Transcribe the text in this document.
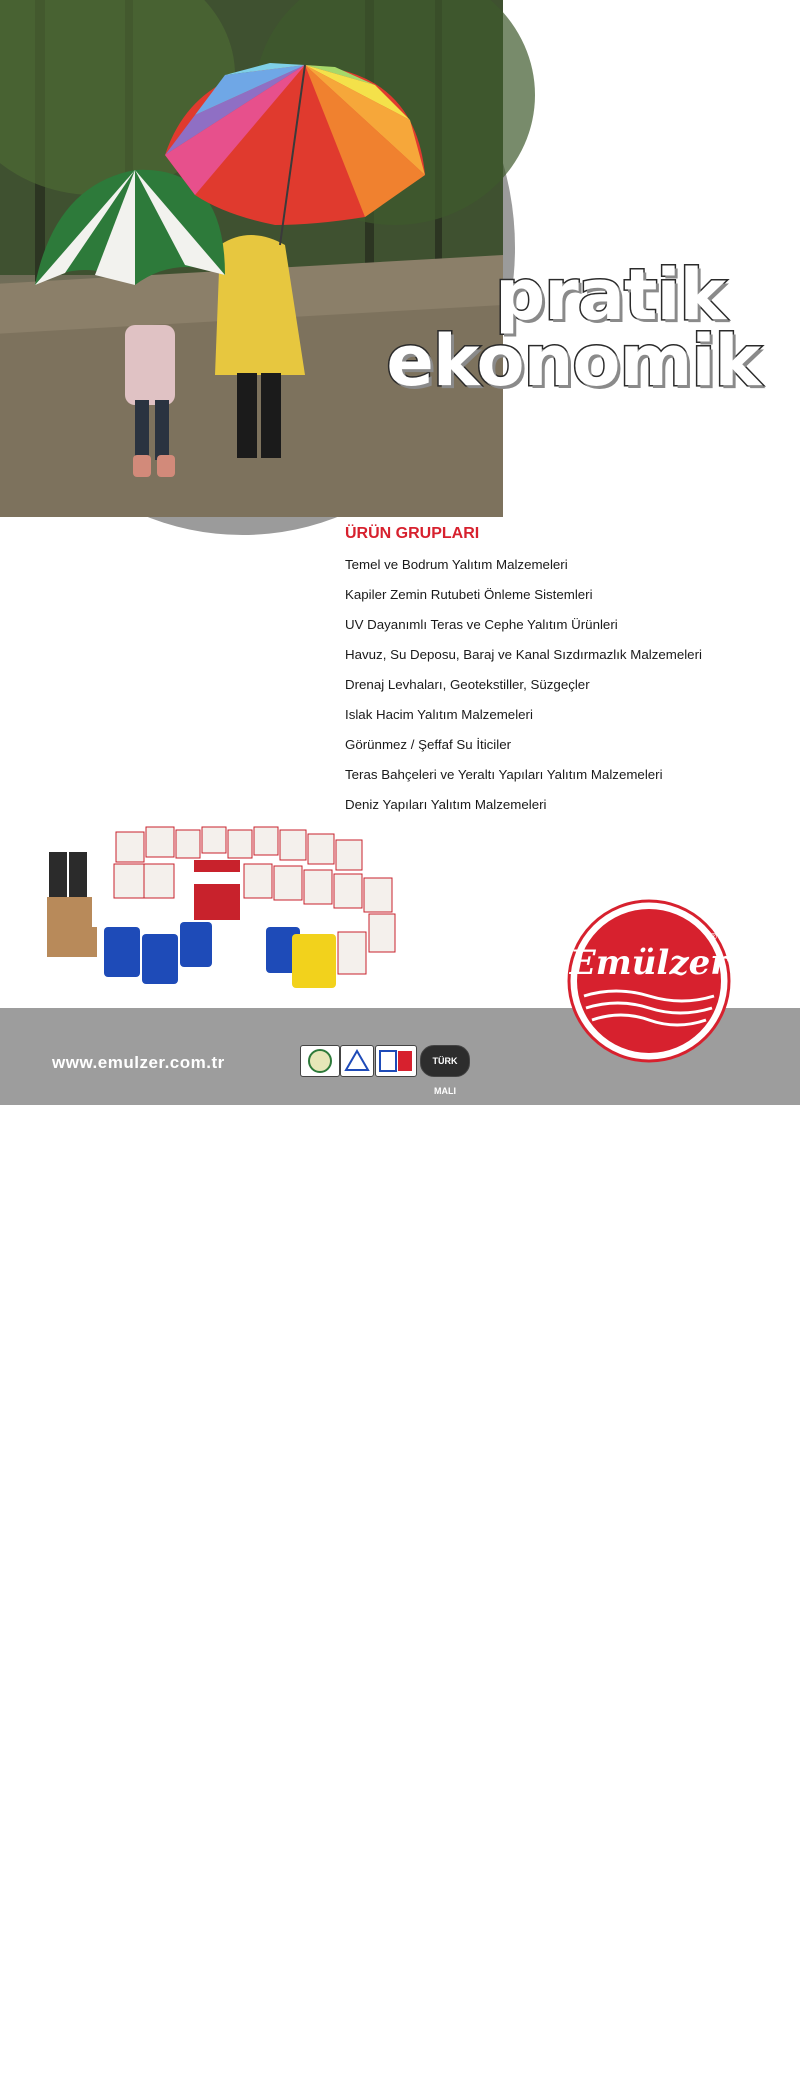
pratik
ekonomik
ÜRÜN GRUPLARI
Temel ve Bodrum Yalıtım Malzemeleri
Kapiler Zemin Rutubeti Önleme Sistemleri
UV Dayanımlı Teras ve Cephe Yalıtım Ürünleri
Havuz, Su Deposu, Baraj ve Kanal Sızdırmazlık Malzemeleri
Drenaj Levhaları, Geotekstiller, Süzgeçler
Islak Hacim Yalıtım Malzemeleri
Görünmez / Şeffaf Su İticiler
Teras Bahçeleri ve Yeraltı Yapıları Yalıtım Malzemeleri
Deniz Yapıları Yalıtım Malzemeleri
www.emulzer.com.tr	TÜRK MALI
Likit Yalıtım Teknolojisi
Emülzer
®
